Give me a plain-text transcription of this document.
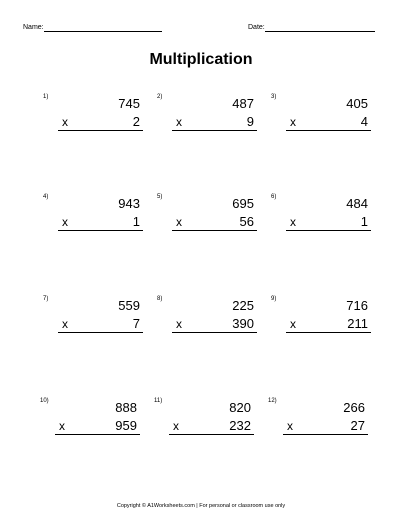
Name:	Date:
Multiplication
1)	745
x	2
2)	487
x	9
3)	405
x	4
4)	943
x	1
5)	695
x	56
6)	484
x	1
7)	559
x	7
8)	225
x	390
9)	716
x	211
10)	888
x	959
11)	820
x	232
12)	266
x	27
Copyright © A1Worksheets.com | For personal or classroom use only
